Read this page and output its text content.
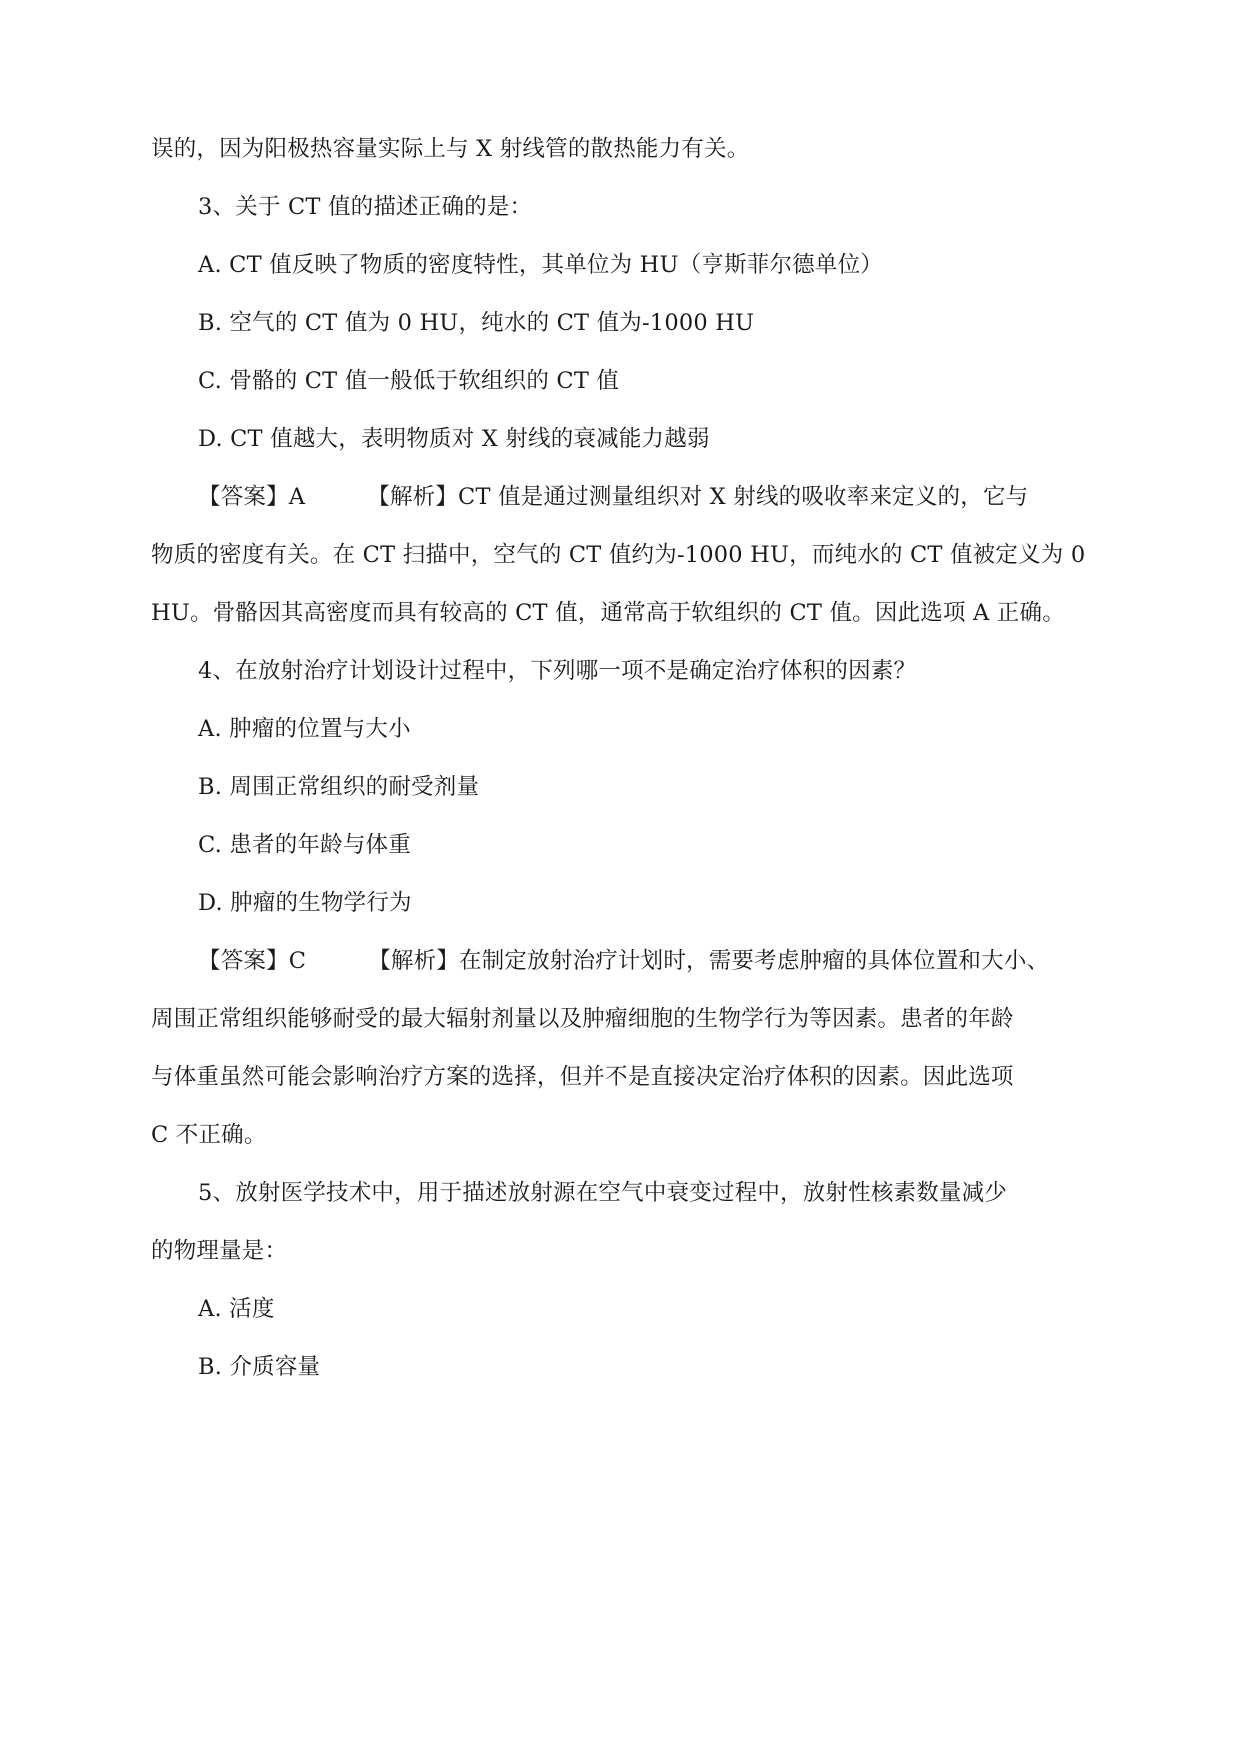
误的，因为阳极热容量实际上与 X 射线管的散热能力有关。
3、关于 CT 值的描述正确的是：
A. CT 值反映了物质的密度特性，其单位为 HU（亨斯菲尔德单位）
B. 空气的 CT 值为 0 HU，纯水的 CT 值为-1000 HU
C. 骨骼的 CT 值一般低于软组织的 CT 值
D. CT 值越大，表明物质对 X 射线的衰减能力越弱
【答案】A	【解析】CT 值是通过测量组织对 X 射线的吸收率来定义的，它与
物质的密度有关。在 CT 扫描中，空气的 CT 值约为-1000 HU，而纯水的 CT 值被定义为 0
HU。骨骼因其高密度而具有较高的 CT 值，通常高于软组织的 CT 值。因此选项 A 正确。
4、在放射治疗计划设计过程中，下列哪一项不是确定治疗体积的因素？
A. 肿瘤的位置与大小
B. 周围正常组织的耐受剂量
C. 患者的年龄与体重
D. 肿瘤的生物学行为
【答案】C	【解析】在制定放射治疗计划时，需要考虑肿瘤的具体位置和大小、
周围正常组织能够耐受的最大辐射剂量以及肿瘤细胞的生物学行为等因素。患者的年龄
与体重虽然可能会影响治疗方案的选择，但并不是直接决定治疗体积的因素。因此选项
C 不正确。
5、放射医学技术中，用于描述放射源在空气中衰变过程中，放射性核素数量减少
的物理量是：
A. 活度
B. 介质容量
